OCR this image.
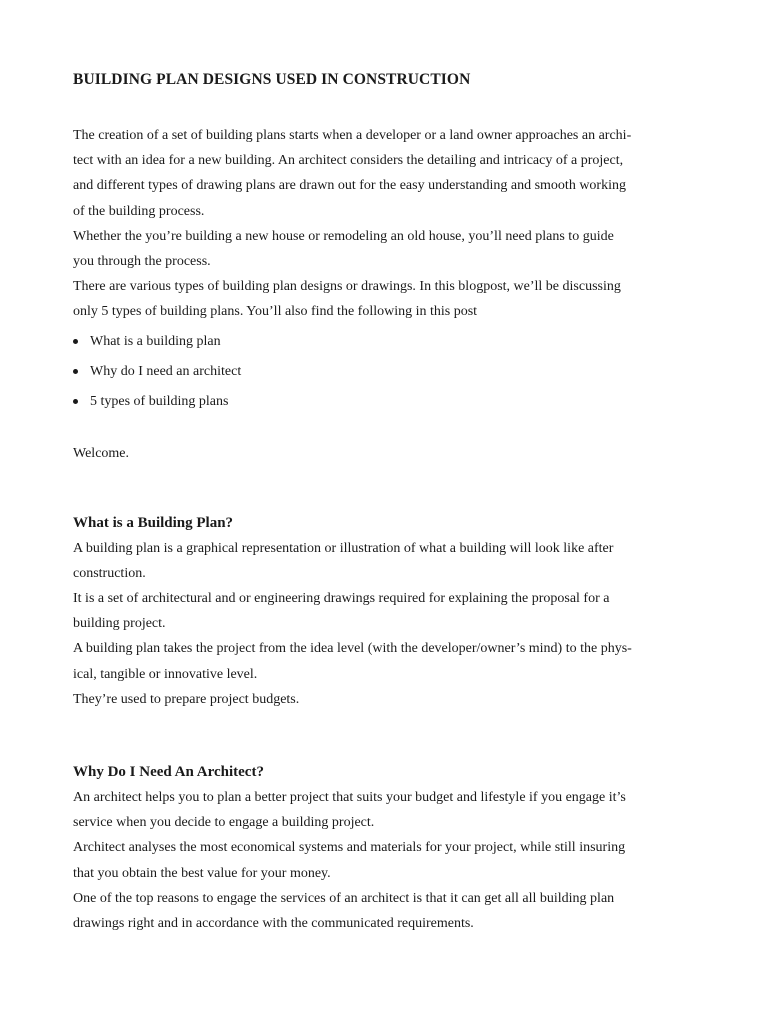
BUILDING PLAN DESIGNS USED IN CONSTRUCTION

The creation of a set of building plans starts when a developer or a land owner approaches an archi-
tect with an idea for a new building. An architect considers the detailing and intricacy of a project,
and different types of drawing plans are drawn out for the easy understanding and smooth working
of the building process.
Whether the you’re building a new house or remodeling an old house, you’ll need plans to guide
you through the process.
There are various types of building plan designs or drawings. In this blogpost, we’ll be discussing
only 5 types of building plans. You’ll also find the following in this post

What is a building plan
Why do I need an architect
5 types of building plans

Welcome.

What is a Building Plan?

A building plan is a graphical representation or illustration of what a building will look like after
construction.
It is a set of architectural and or engineering drawings required for explaining the proposal for a
building project.
A building plan takes the project from the idea level (with the developer/owner’s mind) to the phys-
ical, tangible or innovative level.
They’re used to prepare project budgets.

Why Do I Need An Architect?

An architect helps you to plan a better project that suits your budget and lifestyle if you engage it’s
service when you decide to engage a building project.
Architect analyses the most economical systems and materials for your project, while still insuring
that you obtain the best value for your money.
One of the top reasons to engage the services of an architect is that it can get all all building plan
drawings right and in accordance with the communicated requirements.
